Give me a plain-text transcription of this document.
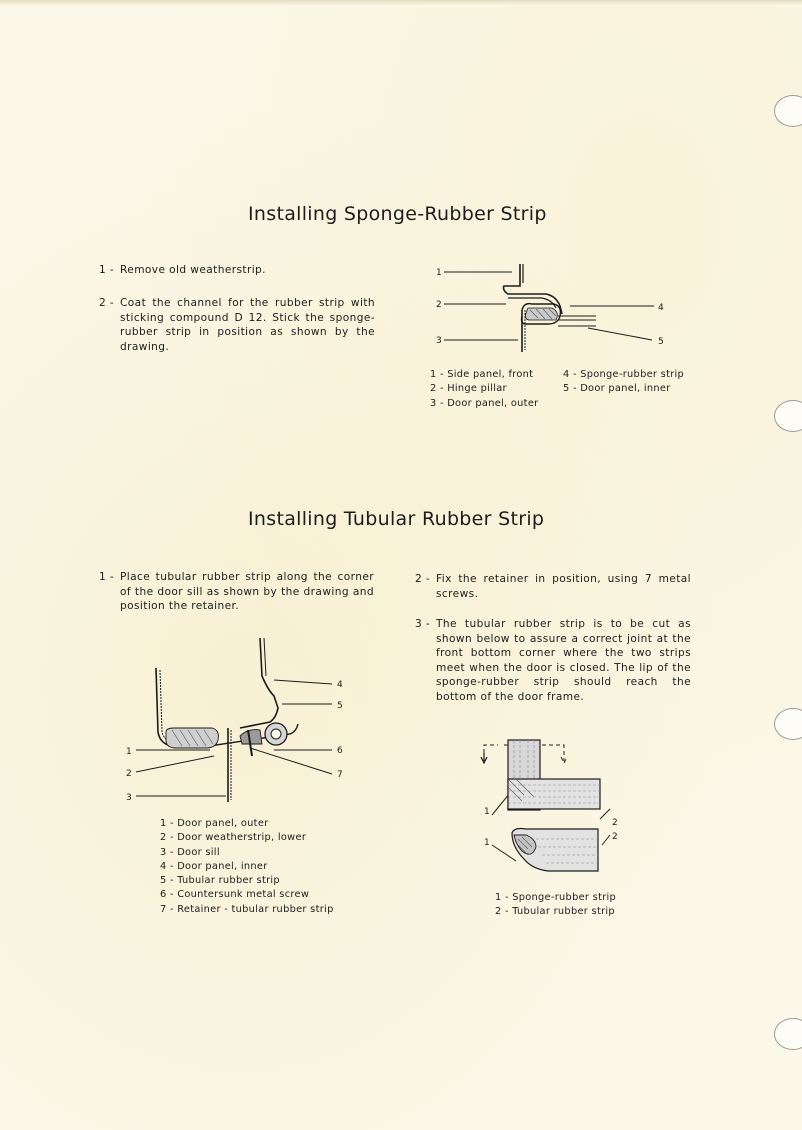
Installing Sponge-Rubber Strip
1 - Remove old weatherstrip.
2 - Coat the channel for the rubber strip with sticking compound D 12. Stick the sponge-rubber strip in position as shown by the drawing.
1
2
3
4
5
1 - Side panel, front
2 - Hinge pillar
3 - Door panel, outer
4 - Sponge-rubber strip
5 - Door panel, inner
Installing Tubular Rubber Strip
1 - Place tubular rubber strip along the corner of the door sill as shown by the drawing and position the retainer.
2 - Fix the retainer in position, using 7 metal screws.
3 - The tubular rubber strip is to be cut as shown below to assure a correct joint at the front bottom corner where the two strips meet when the door is closed. The lip of the sponge-rubber strip should reach the bottom of the door frame.
1
2
3
4
5
6
7
1 - Door panel, outer
2 - Door weatherstrip, lower
3 - Door sill
4 - Door panel, inner
5 - Tubular rubber strip
6 - Countersunk metal screw
7 - Retainer - tubular rubber strip
1
2
1
2
1 - Sponge-rubber strip
2 - Tubular rubber strip
